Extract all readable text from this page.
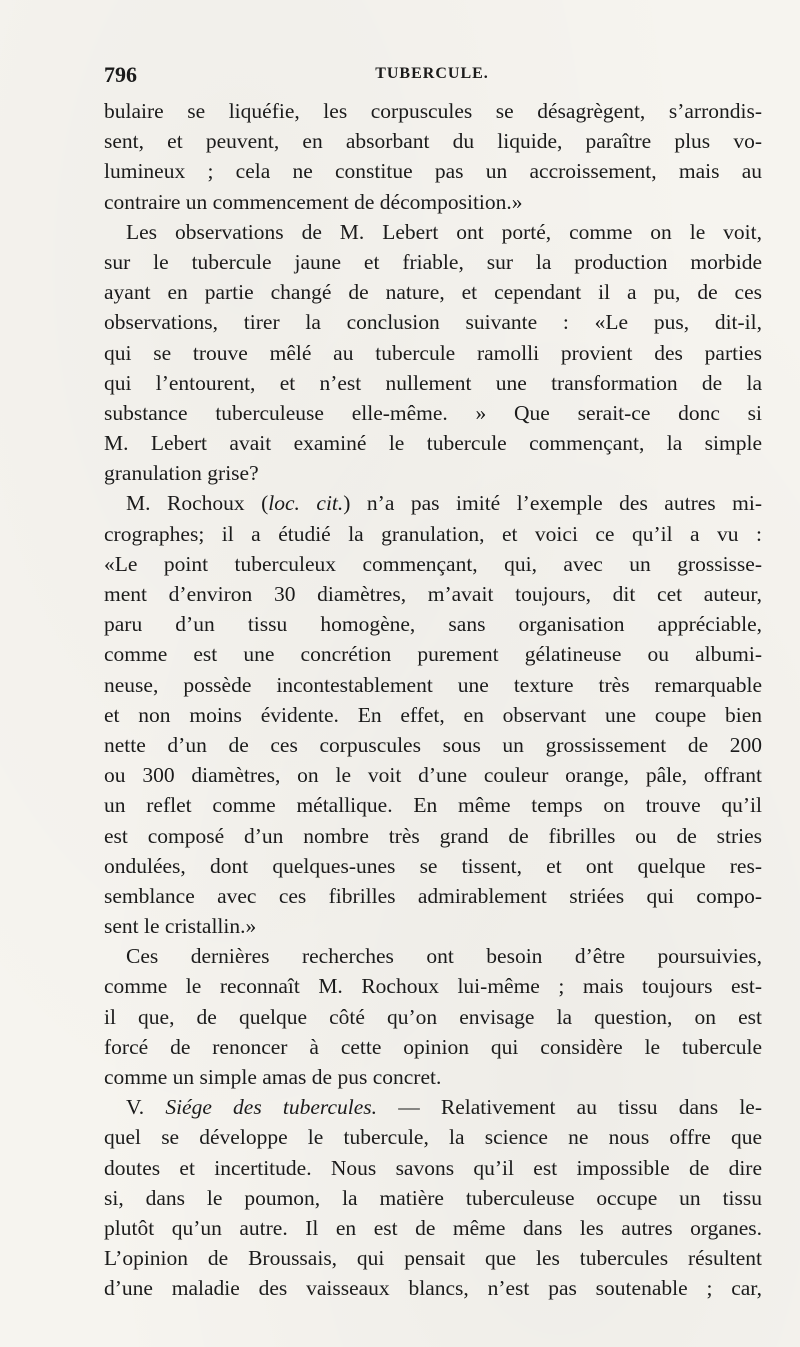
796	TUBERCULE.
bulaire se liquéfie, les corpuscules se désagrègent, s’arrondis-
sent, et peuvent, en absorbant du liquide, paraître plus vo-
lumineux ; cela ne constitue pas un accroissement, mais au
contraire un commencement de décomposition.»
Les observations de M. Lebert ont porté, comme on le voit,
sur le tubercule jaune et friable, sur la production morbide
ayant en partie changé de nature, et cependant il a pu, de ces
observations, tirer la conclusion suivante : «Le pus, dit-il,
qui se trouve mêlé au tubercule ramolli provient des parties
qui l’entourent, et n’est nullement une transformation de la
substance tuberculeuse elle-même. » Que serait-ce donc si
M. Lebert avait examiné le tubercule commençant, la simple
granulation grise?
M. Rochoux (loc. cit.) n’a pas imité l’exemple des autres mi-
crographes; il a étudié la granulation, et voici ce qu’il a vu :
«Le point tuberculeux commençant, qui, avec un grossisse-
ment d’environ 30 diamètres, m’avait toujours, dit cet auteur,
paru d’un tissu homogène, sans organisation appréciable,
comme est une concrétion purement gélatineuse ou albumi-
neuse, possède incontestablement une texture très remarquable
et non moins évidente. En effet, en observant une coupe bien
nette d’un de ces corpuscules sous un grossissement de 200
ou 300 diamètres, on le voit d’une couleur orange, pâle, offrant
un reflet comme métallique. En même temps on trouve qu’il
est composé d’un nombre très grand de fibrilles ou de stries
ondulées, dont quelques-unes se tissent, et ont quelque res-
semblance avec ces fibrilles admirablement striées qui compo-
sent le cristallin.»
Ces dernières recherches ont besoin d’être poursuivies,
comme le reconnaît M. Rochoux lui-même ; mais toujours est-
il que, de quelque côté qu’on envisage la question, on est
forcé de renoncer à cette opinion qui considère le tubercule
comme un simple amas de pus concret.
V. Siége des tubercules. — Relativement au tissu dans le-
quel se développe le tubercule, la science ne nous offre que
doutes et incertitude. Nous savons qu’il est impossible de dire
si, dans le poumon, la matière tuberculeuse occupe un tissu
plutôt qu’un autre. Il en est de même dans les autres organes.
L’opinion de Broussais, qui pensait que les tubercules résultent
d’une maladie des vaisseaux blancs, n’est pas soutenable ; car,
